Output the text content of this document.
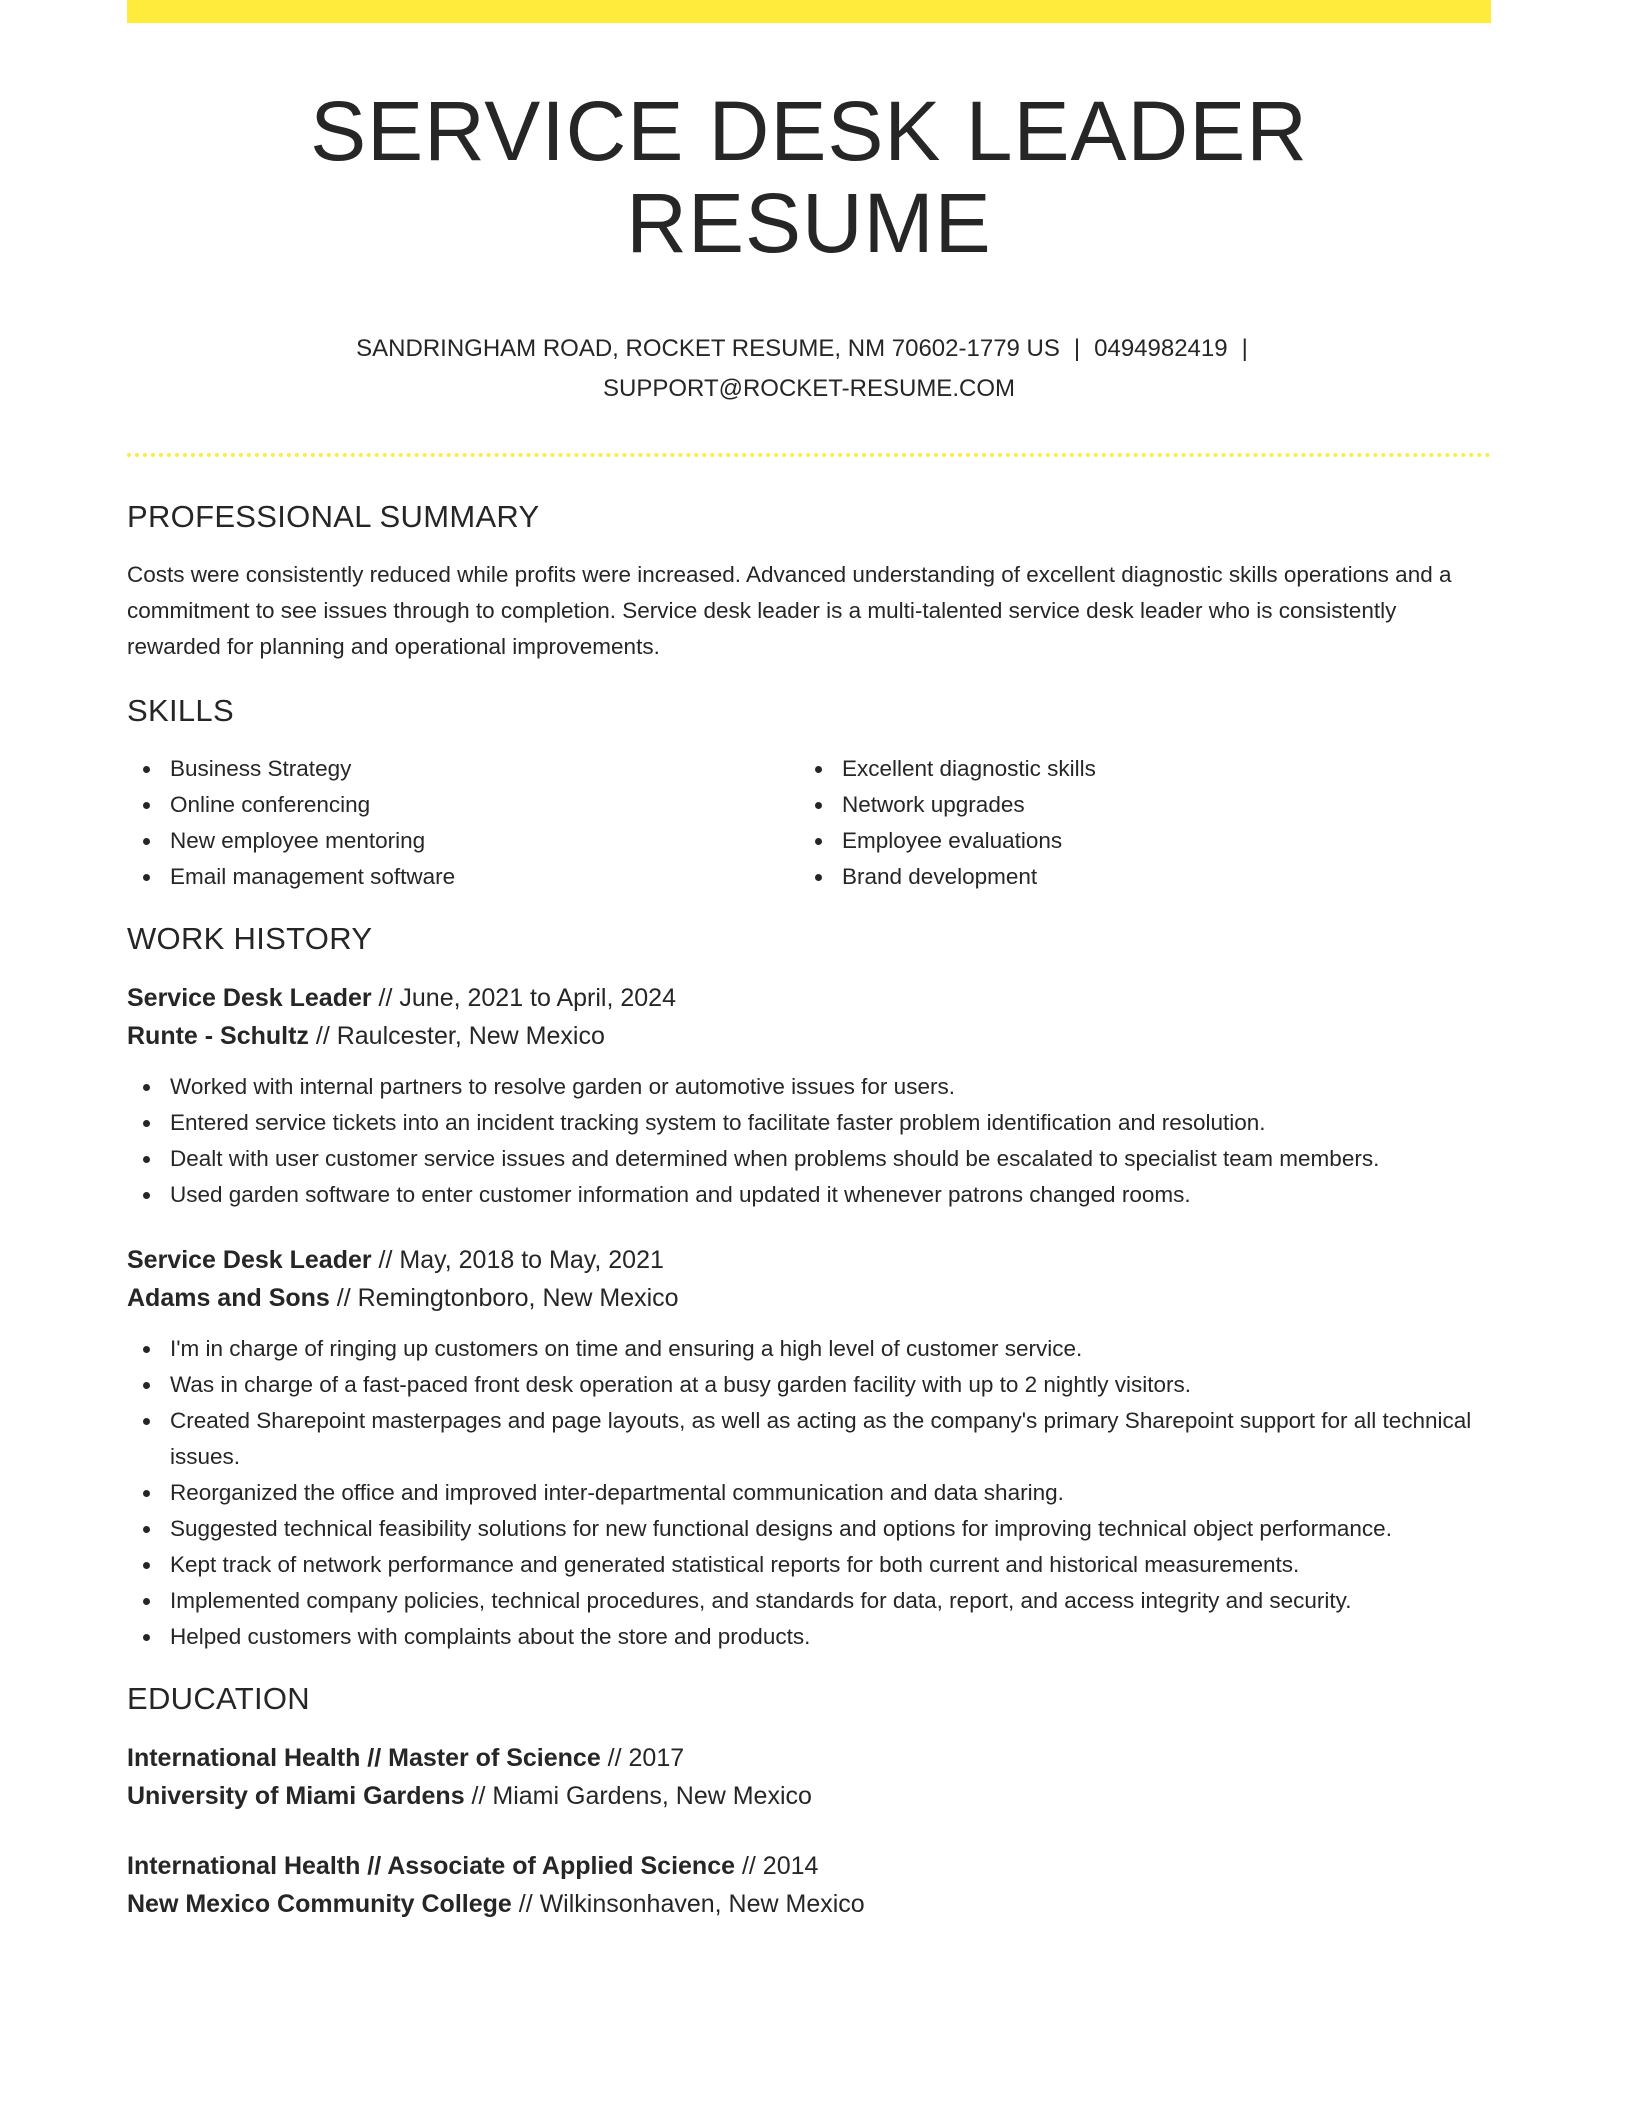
SERVICE DESK LEADER RESUME
SANDRINGHAM ROAD, ROCKET RESUME, NM 70602-1779 US | 0494982419 |
SUPPORT@ROCKET-RESUME.COM
PROFESSIONAL SUMMARY

Costs were consistently reduced while profits were increased. Advanced understanding of excellent diagnostic skills operations and a commitment to see issues through to completion. Service desk leader is a multi-talented service desk leader who is consistently rewarded for planning and operational improvements.

SKILLS
Business Strategy
Online conferencing
New employee mentoring
Email management software
Excellent diagnostic skills
Network upgrades
Employee evaluations
Brand development
WORK HISTORY
Service Desk Leader // June, 2021 to April, 2024
Runte - Schultz // Raulcester, New Mexico
Worked with internal partners to resolve garden or automotive issues for users.
Entered service tickets into an incident tracking system to facilitate faster problem identification and resolution.
Dealt with user customer service issues and determined when problems should be escalated to specialist team members.
Used garden software to enter customer information and updated it whenever patrons changed rooms.
Service Desk Leader // May, 2018 to May, 2021
Adams and Sons // Remingtonboro, New Mexico
I'm in charge of ringing up customers on time and ensuring a high level of customer service.
Was in charge of a fast-paced front desk operation at a busy garden facility with up to 2 nightly visitors.
Created Sharepoint masterpages and page layouts, as well as acting as the company's primary Sharepoint support for all technical issues.
Reorganized the office and improved inter-departmental communication and data sharing.
Suggested technical feasibility solutions for new functional designs and options for improving technical object performance.
Kept track of network performance and generated statistical reports for both current and historical measurements.
Implemented company policies, technical procedures, and standards for data, report, and access integrity and security.
Helped customers with complaints about the store and products.
EDUCATION
International Health // Master of Science // 2017
University of Miami Gardens // Miami Gardens, New Mexico
International Health // Associate of Applied Science // 2014
New Mexico Community College // Wilkinsonhaven, New Mexico
